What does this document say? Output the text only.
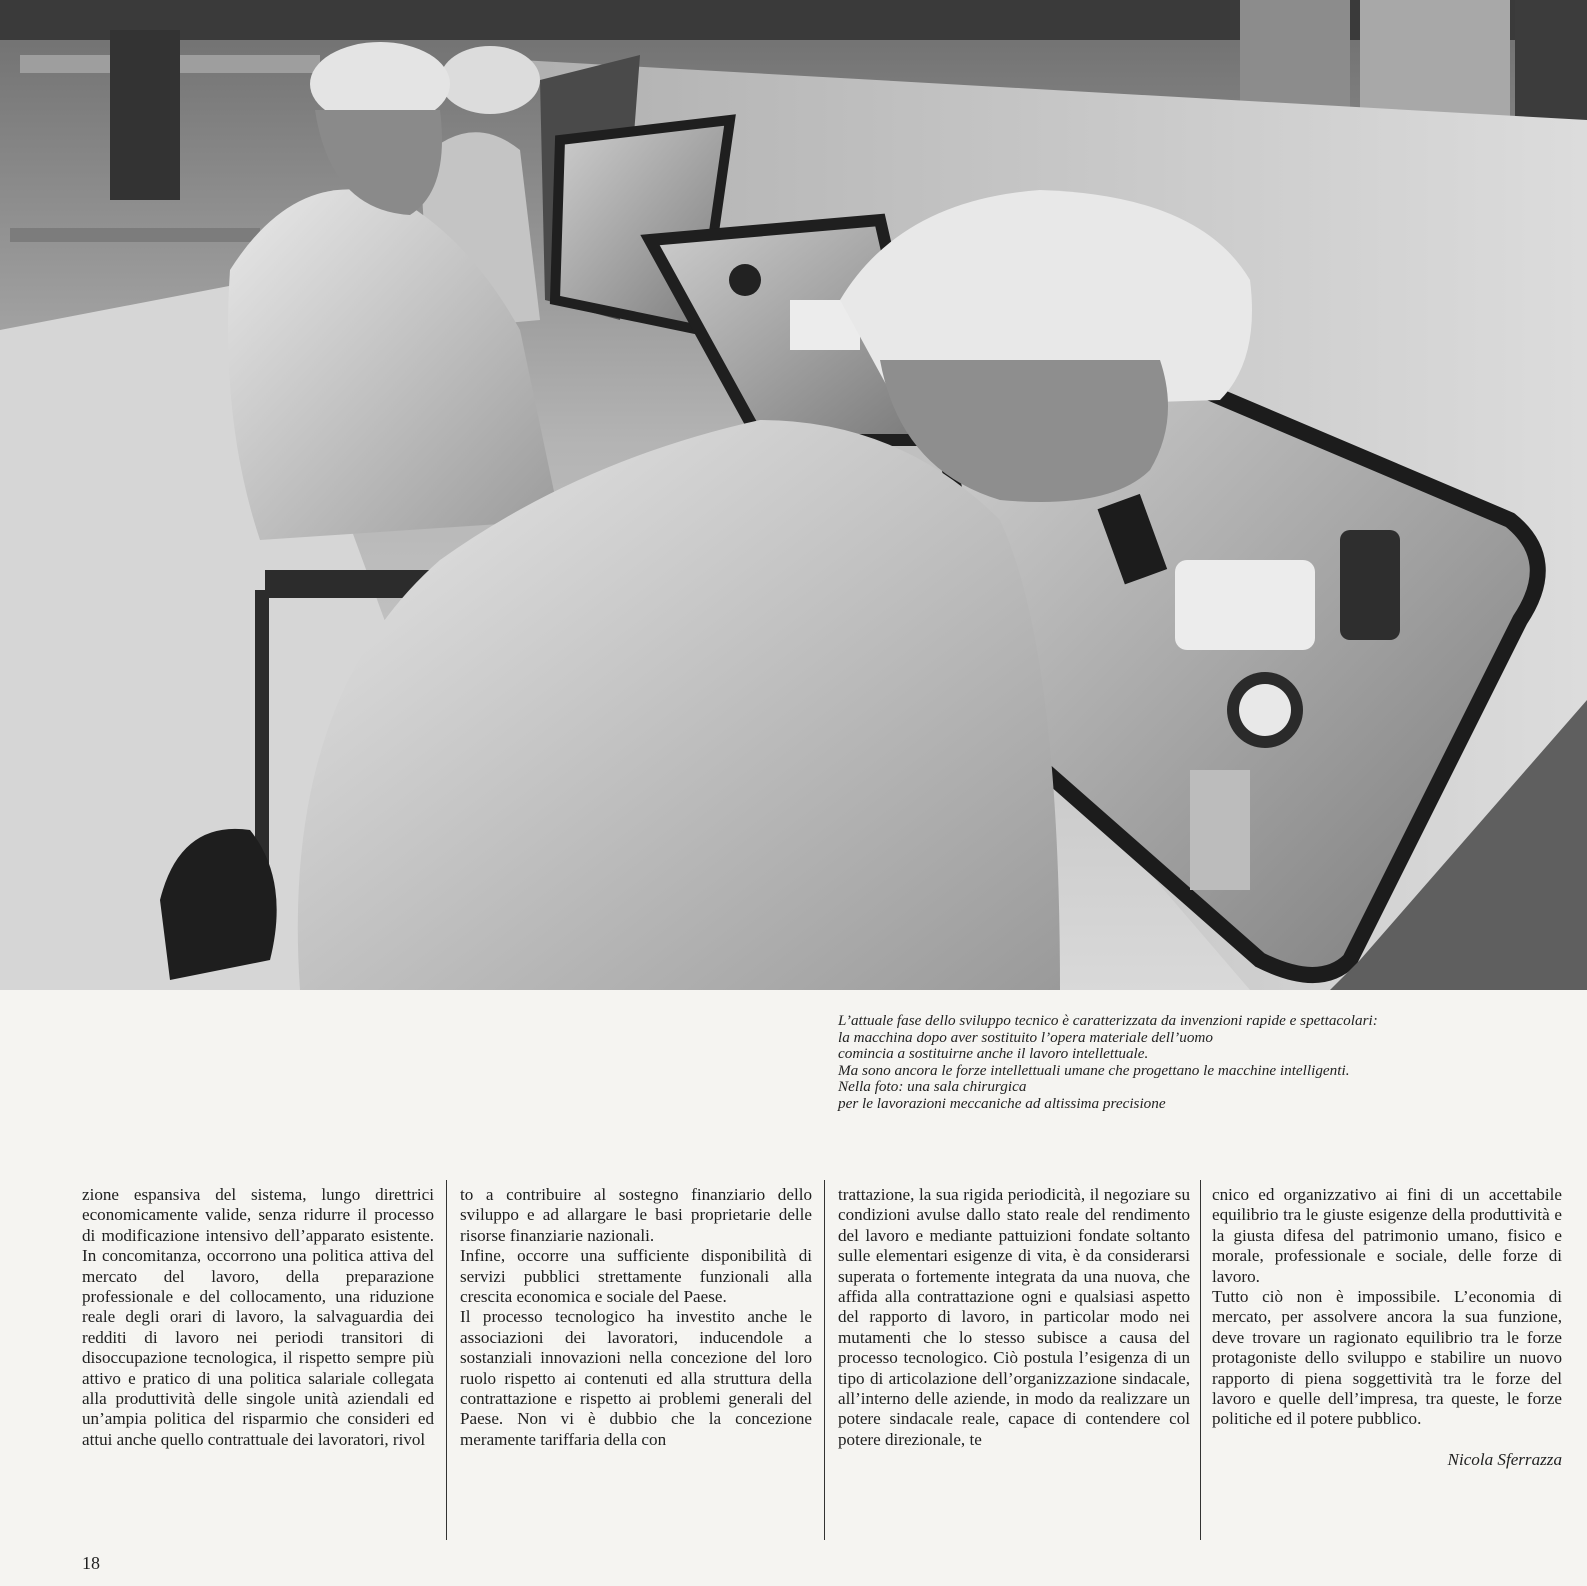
L’attuale fase dello sviluppo tecnico è caratterizzata da invenzioni rapide e spettacolari:
la macchina dopo aver sostituito l’opera materiale dell’uomo
comincia a sostituirne anche il lavoro intellettuale.
Ma sono ancora le forze intellettuali umane che progettano le macchine intelligenti.
Nella foto: una sala chirurgica
per le lavorazioni meccaniche ad altissima precisione

zione espansiva del sistema, lungo direttrici economicamente valide, senza ridurre il processo di modificazione intensivo dell’apparato esistente. In concomitanza, occorrono una politica attiva del mercato del lavoro, della preparazione professionale e del collocamento, una riduzione reale degli orari di lavoro, la salvaguardia dei redditi di lavoro nei periodi transitori di disoccupazione tecnologica, il rispetto sempre più attivo e pratico di una politica salariale collegata alla produttività delle singole unità aziendali ed un’ampia politica del risparmio che consideri ed attui anche quello contrattuale dei lavoratori, rivol

to a contribuire al sostegno finanziario dello sviluppo e ad allargare le basi proprietarie delle risorse finanziarie nazionali.

Infine, occorre una sufficiente disponibilità di servizi pubblici strettamente funzionali alla crescita economica e sociale del Paese.

Il processo tecnologico ha investito anche le associazioni dei lavoratori, inducendole a sostanziali innovazioni nella concezione del loro ruolo rispetto ai contenuti ed alla struttura della contrattazione e rispetto ai problemi generali del Paese. Non vi è dubbio che la concezione meramente tariffaria della con

trattazione, la sua rigida periodicità, il negoziare su condizioni avulse dallo stato reale del rendimento del lavoro e mediante pattuizioni fondate soltanto sulle elementari esigenze di vita, è da considerarsi superata o fortemente integrata da una nuova, che affida alla contrattazione ogni e qualsiasi aspetto del rapporto di lavoro, in particolar modo nei mutamenti che lo stesso subisce a causa del processo tecnologico. Ciò postula l’esigenza di un tipo di articolazione dell’organizzazione sindacale, all’interno delle aziende, in modo da realizzare un potere sindacale reale, capace di contendere col potere direzionale, te

cnico ed organizzativo ai fini di un accettabile equilibrio tra le giuste esigenze della produttività e la giusta difesa del patrimonio umano, fisico e morale, professionale e sociale, delle forze di lavoro.

Tutto ciò non è impossibile. L’economia di mercato, per assolvere ancora la sua funzione, deve trovare un ragionato equilibrio tra le forze protagoniste dello sviluppo e stabilire un nuovo rapporto di piena soggettività tra le forze del lavoro e quelle dell’impresa, tra queste, le forze politiche ed il potere pubblico.

Nicola Sferrazza

18
